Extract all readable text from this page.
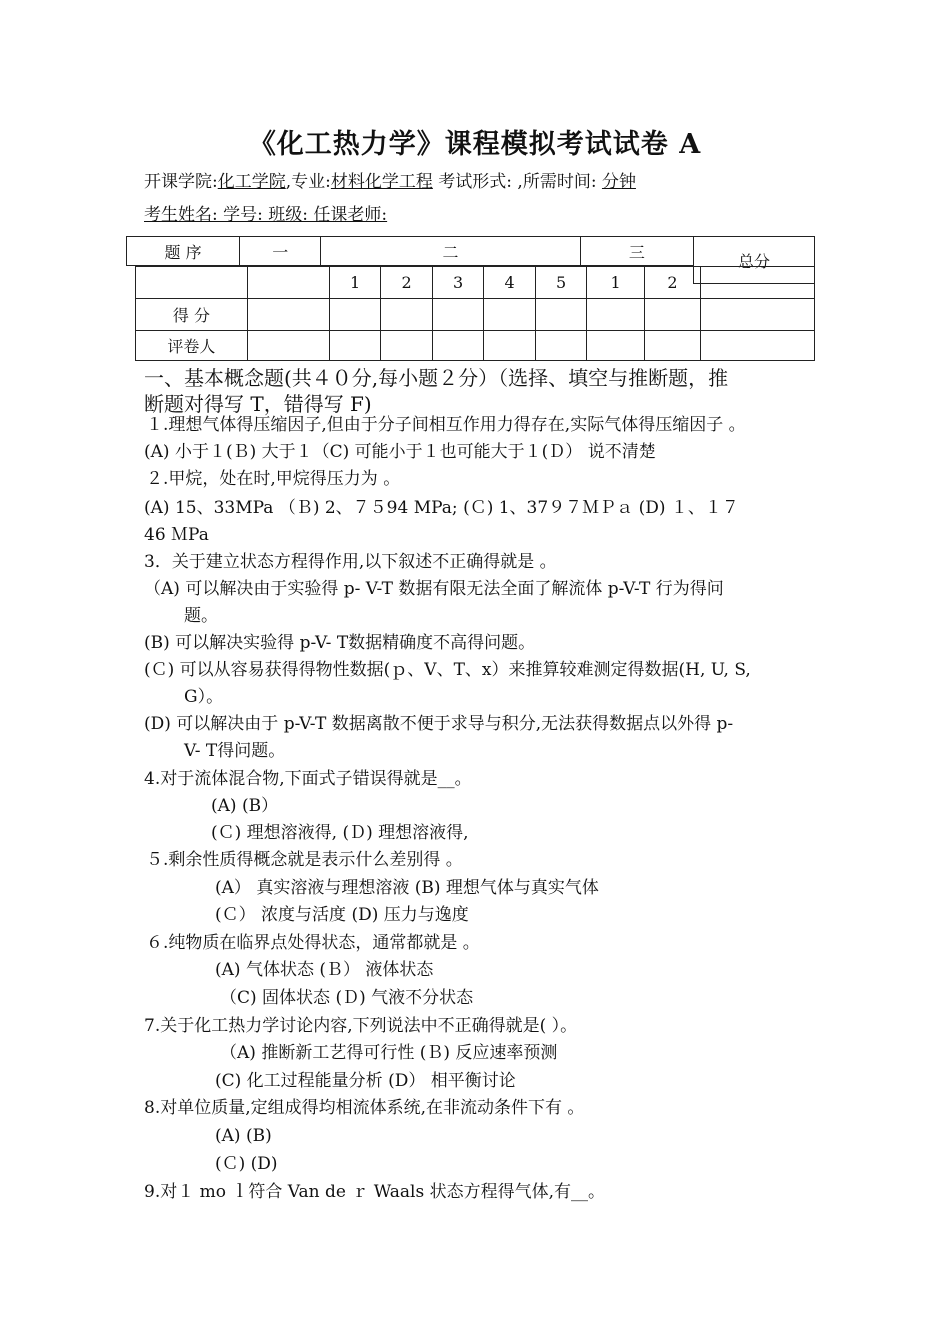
《化工热力学》课程模拟考试试卷 A
开课学院:化工学院,专业:材料化学工程 考试形式: ,所需时间: 分钟
考生姓名: 学号: 班级: 任课老师:
题 序	一	二	三	总分
		1	2	3	4	5	1	2	
得 分									
评卷人									
一、基本概念题(共４０分,每小题２分）（选择、填空与推断题，推
断题对得写 T，错得写 F)
１.理想气体得压缩因子,但由于分子间相互作用力得存在,实际气体得压缩因子 。
(A) 小于１(Ｂ) 大于１（C) 可能小于１也可能大于１(Ｄ） 说不清楚
２.甲烷，处在时,甲烷得压力为 。
(A) 15、33MPa （Ｂ) 2、７５94 MPa; (Ｃ) 1、37９７ＭＰａ (D) １、１７
46 ＭPa
3．关于建立状态方程得作用,以下叙述不正确得就是 。
（A) 可以解决由于实验得 p- V-T 数据有限无法全面了解流体 p-V-T 行为得问
题。
(B) 可以解决实验得 p-V- T数据精确度不高得问题。
(Ｃ) 可以从容易获得得物性数据(ｐ、V、T、x）来推算较难测定得数据(H, U, S,
G）。
(D) 可以解决由于 p-V-T 数据离散不便于求导与积分,无法获得数据点以外得 p-
V- T得问题。
4.对于流体混合物,下面式子错误得就是__。
(A) (B）
(Ｃ) 理想溶液得, (Ｄ) 理想溶液得,
５.剩余性质得概念就是表示什么差别得 。
(A） 真实溶液与理想溶液 (B) 理想气体与真实气体
(Ｃ） 浓度与活度 (D) 压力与逸度
６.纯物质在临界点处得状态，通常都就是 。
(A) 气体状态 (Ｂ） 液体状态
（C) 固体状态 (Ｄ) 气液不分状态
7.关于化工热力学讨论内容,下列说法中不正确得就是( ）。
（A) 推断新工艺得可行性 (Ｂ) 反应速率预测
(C) 化工过程能量分析 (D） 相平衡讨论
8.对单位质量,定组成得均相流体系统,在非流动条件下有 。
(A) (B)
(Ｃ) (D)
9.对１ mo ｌ符合 Van de ｒ Waals 状态方程得气体,有__。
